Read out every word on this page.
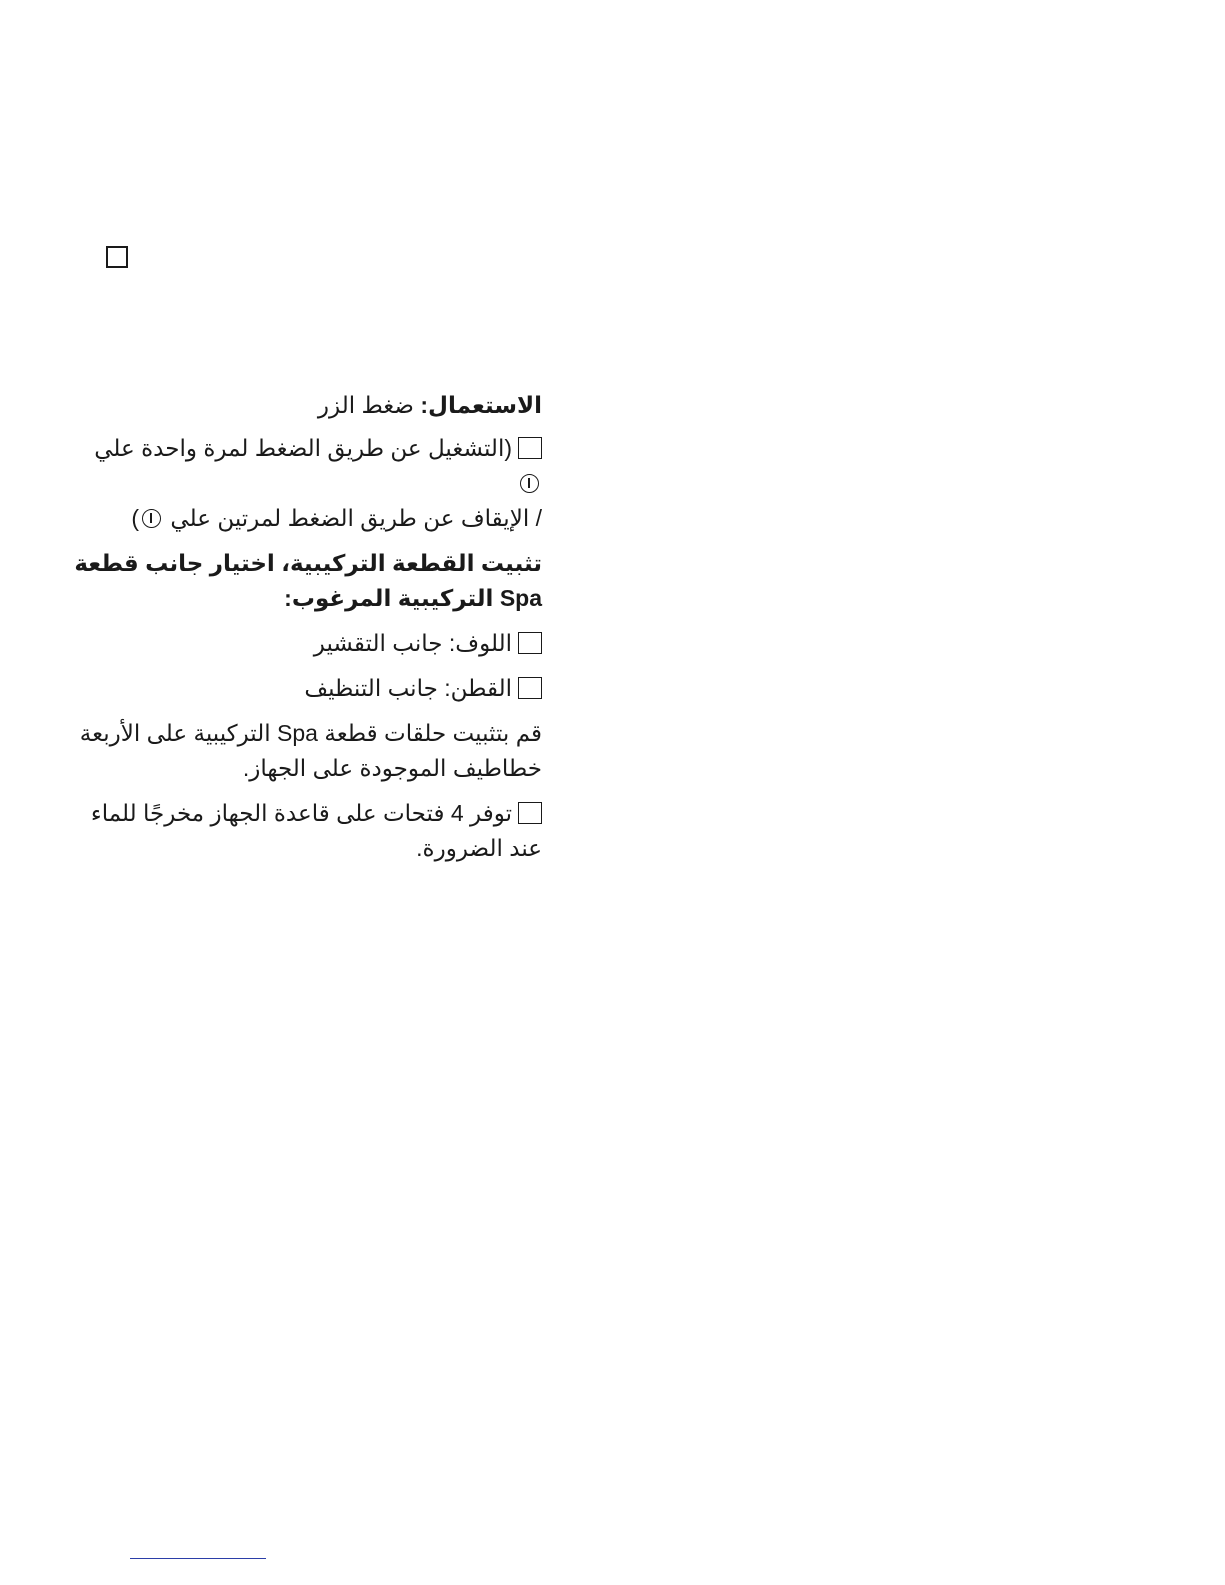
الاستعمال: ضغط الزر

(التشغيل عن طريق الضغط لمرة واحدة علي
/ الإيقاف عن طريق الضغط لمرتين علي )

تثبيت القطعة التركيبية، اختيار جانب قطعة Spa التركيبية المرغوب:

اللوف: جانب التقشير

القطن: جانب التنظيف

قم بتثبيت حلقات قطعة Spa التركيبية على الأربعة خطاطيف الموجودة على الجهاز.

توفر 4 فتحات على قاعدة الجهاز مخرجًا للماء عند الضرورة.
